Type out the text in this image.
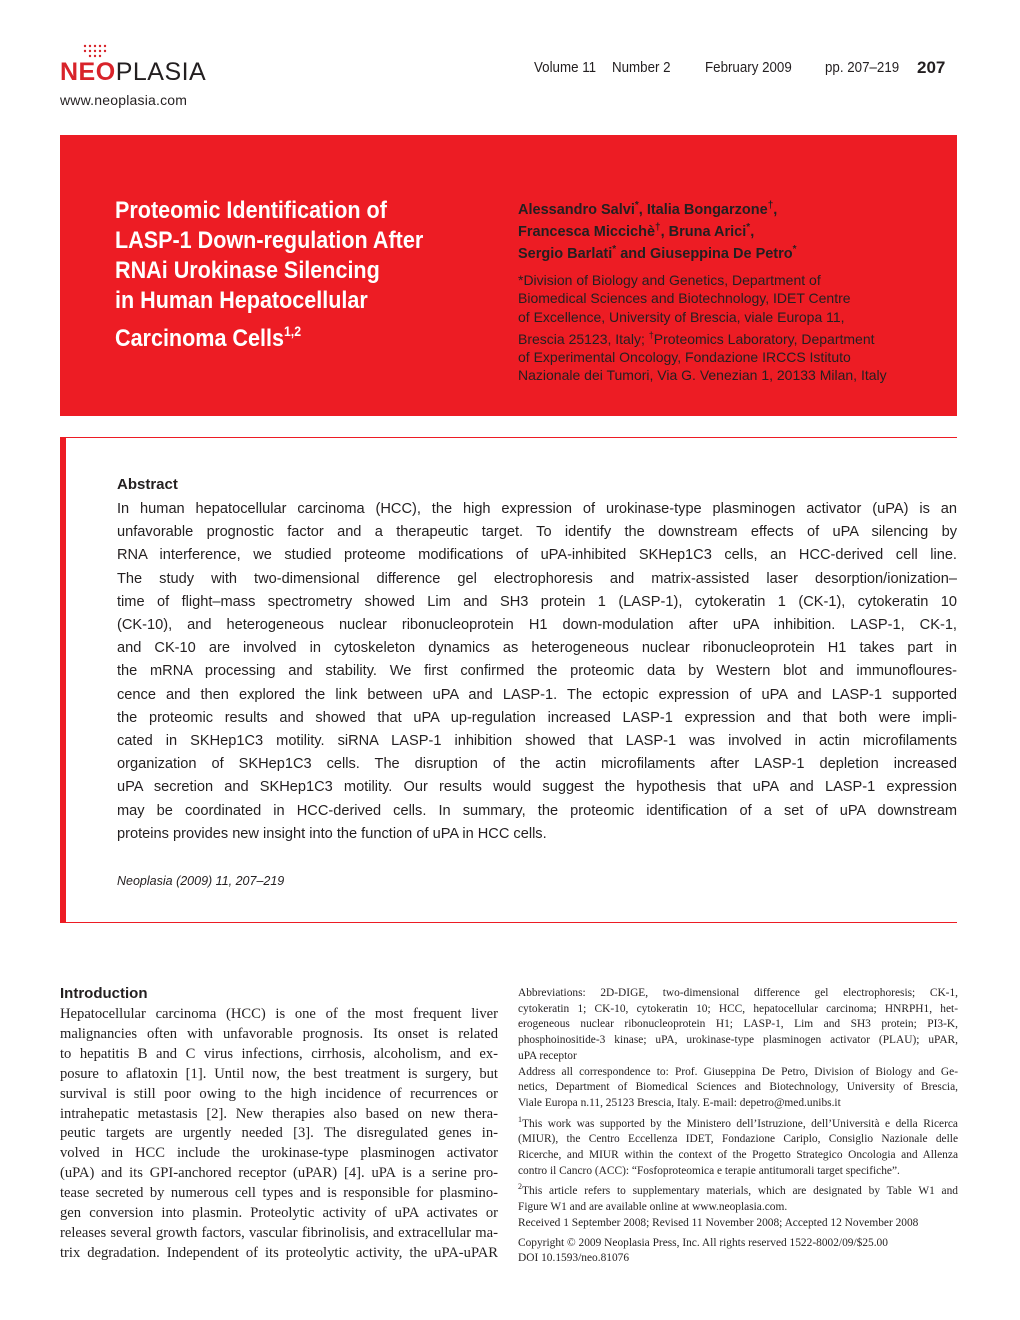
NEOPLASIA
www.neoplasia.com
Volume 11 Number 2 February 2009 pp. 207–219 207
Proteomic Identification of
LASP-1 Down-regulation After
RNAi Urokinase Silencing
in Human Hepatocellular
Carcinoma Cells$^{1,2}$
Alessandro Salvi*, Italia Bongarzone†,
Francesca Miccichè†, Bruna Arici*,
Sergio Barlati* and Giuseppina De Petro*
*Division of Biology and Genetics, Department of
Biomedical Sciences and Biotechnology, IDET Centre
of Excellence, University of Brescia, viale Europa 11,
Brescia 25123, Italy; †Proteomics Laboratory, Department
of Experimental Oncology, Fondazione IRCCS Istituto
Nazionale dei Tumori, Via G. Venezian 1, 20133 Milan, Italy
Abstract
In human hepatocellular carcinoma (HCC), the high expression of urokinase-type plasminogen activator (uPA) is an
unfavorable prognostic factor and a therapeutic target. To identify the downstream effects of uPA silencing by
RNA interference, we studied proteome modifications of uPA-inhibited SKHep1C3 cells, an HCC-derived cell line.
The study with two-dimensional difference gel electrophoresis and matrix-assisted laser desorption/ionization–
time of flight–mass spectrometry showed Lim and SH3 protein 1 (LASP-1), cytokeratin 1 (CK-1), cytokeratin 10
(CK-10), and heterogeneous nuclear ribonucleoprotein H1 down-modulation after uPA inhibition. LASP-1, CK-1,
and CK-10 are involved in cytoskeleton dynamics as heterogeneous nuclear ribonucleoprotein H1 takes part in
the mRNA processing and stability. We first confirmed the proteomic data by Western blot and immunofloures-
cence and then explored the link between uPA and LASP-1. The ectopic expression of uPA and LASP-1 supported
the proteomic results and showed that uPA up-regulation increased LASP-1 expression and that both were impli-
cated in SKHep1C3 motility. siRNA LASP-1 inhibition showed that LASP-1 was involved in actin microfilaments
organization of SKHep1C3 cells. The disruption of the actin microfilaments after LASP-1 depletion increased
uPA secretion and SKHep1C3 motility. Our results would suggest the hypothesis that uPA and LASP-1 expression
may be coordinated in HCC-derived cells. In summary, the proteomic identification of a set of uPA downstream
proteins provides new insight into the function of uPA in HCC cells.
Neoplasia (2009) 11, 207–219
Introduction
Hepatocellular carcinoma (HCC) is one of the most frequent liver
malignancies often with unfavorable prognosis. Its onset is related
to hepatitis B and C virus infections, cirrhosis, alcoholism, and ex-
posure to aflatoxin [1]. Until now, the best treatment is surgery, but
survival is still poor owing to the high incidence of recurrences or
intrahepatic metastasis [2]. New therapies also based on new thera-
peutic targets are urgently needed [3]. The disregulated genes in-
volved in HCC include the urokinase-type plasminogen activator
(uPA) and its GPI-anchored receptor (uPAR) [4]. uPA is a serine pro-
tease secreted by numerous cell types and is responsible for plasmino-
gen conversion into plasmin. Proteolytic activity of uPA activates or
releases several growth factors, vascular fibrinolisis, and extracellular ma-
trix degradation. Independent of its proteolytic activity, the uPA-uPAR
Abbreviations: 2D-DIGE, two-dimensional difference gel electrophoresis; CK-1,
cytokeratin 1; CK-10, cytokeratin 10; HCC, hepatocellular carcinoma; HNRPH1, het-
erogeneous nuclear ribonucleoprotein H1; LASP-1, Lim and SH3 protein; PI3-K,
phosphoinositide-3 kinase; uPA, urokinase-type plasminogen activator (PLAU); uPAR,
uPA receptor
Address all correspondence to: Prof. Giuseppina De Petro, Division of Biology and Ge-
netics, Department of Biomedical Sciences and Biotechnology, University of Brescia,
Viale Europa n.11, 25123 Brescia, Italy. E-mail: depetro@med.unibs.it
$^1$This work was supported by the Ministero dell’Istruzione, dell’Università e della Ricerca
(MIUR), the Centro Eccellenza IDET, Fondazione Cariplo, Consiglio Nazionale delle
Ricerche, and MIUR within the context of the Progetto Strategico Oncologia and Allenza
contro il Cancro (ACC): “Fosfoproteomica e terapie antitumorali target specifiche”.
$^2$This article refers to supplementary materials, which are designated by Table W1 and
Figure W1 and are available online at www.neoplasia.com.
Received 1 September 2008; Revised 11 November 2008; Accepted 12 November 2008
Copyright © 2009 Neoplasia Press, Inc. All rights reserved 1522-8002/09/$25.00
DOI 10.1593/neo.81076
